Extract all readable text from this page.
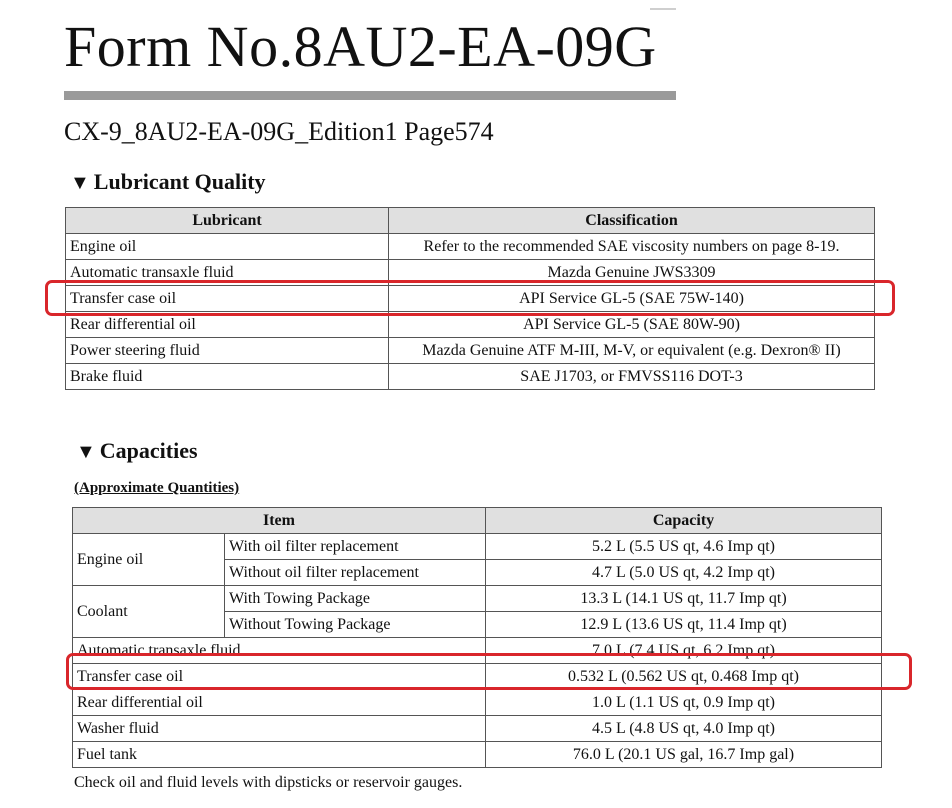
Form No.8AU2-EA-09G
CX-9_8AU2-EA-09G_Edition1 Page574
▼ Lubricant Quality
Lubricant	Classification
Engine oil	Refer to the recommended SAE viscosity numbers on page 8-19.
Automatic transaxle fluid	Mazda Genuine JWS3309
Transfer case oil	API Service GL-5 (SAE 75W-140)
Rear differential oil	API Service GL-5 (SAE 80W-90)
Power steering fluid	Mazda Genuine ATF M-III, M-V, or equivalent (e.g. Dexron® II)
Brake fluid	SAE J1703, or FMVSS116 DOT-3
▼ Capacities
(Approximate Quantities)
Item		Capacity
Engine oil	With oil filter replacement	5.2 L (5.5 US qt, 4.6 Imp qt)
	Without oil filter replacement	4.7 L (5.0 US qt, 4.2 Imp qt)
Coolant	With Towing Package	13.3 L (14.1 US qt, 11.7 Imp qt)
	Without Towing Package	12.9 L (13.6 US qt, 11.4 Imp qt)
Automatic transaxle fluid		7.0 L (7.4 US qt, 6.2 Imp qt)
Transfer case oil		0.532 L (0.562 US qt, 0.468 Imp qt)
Rear differential oil		1.0 L (1.1 US qt, 0.9 Imp qt)
Washer fluid		4.5 L (4.8 US qt, 4.0 Imp qt)
Fuel tank		76.0 L (20.1 US gal, 16.7 Imp gal)
Check oil and fluid levels with dipsticks or reservoir gauges.
